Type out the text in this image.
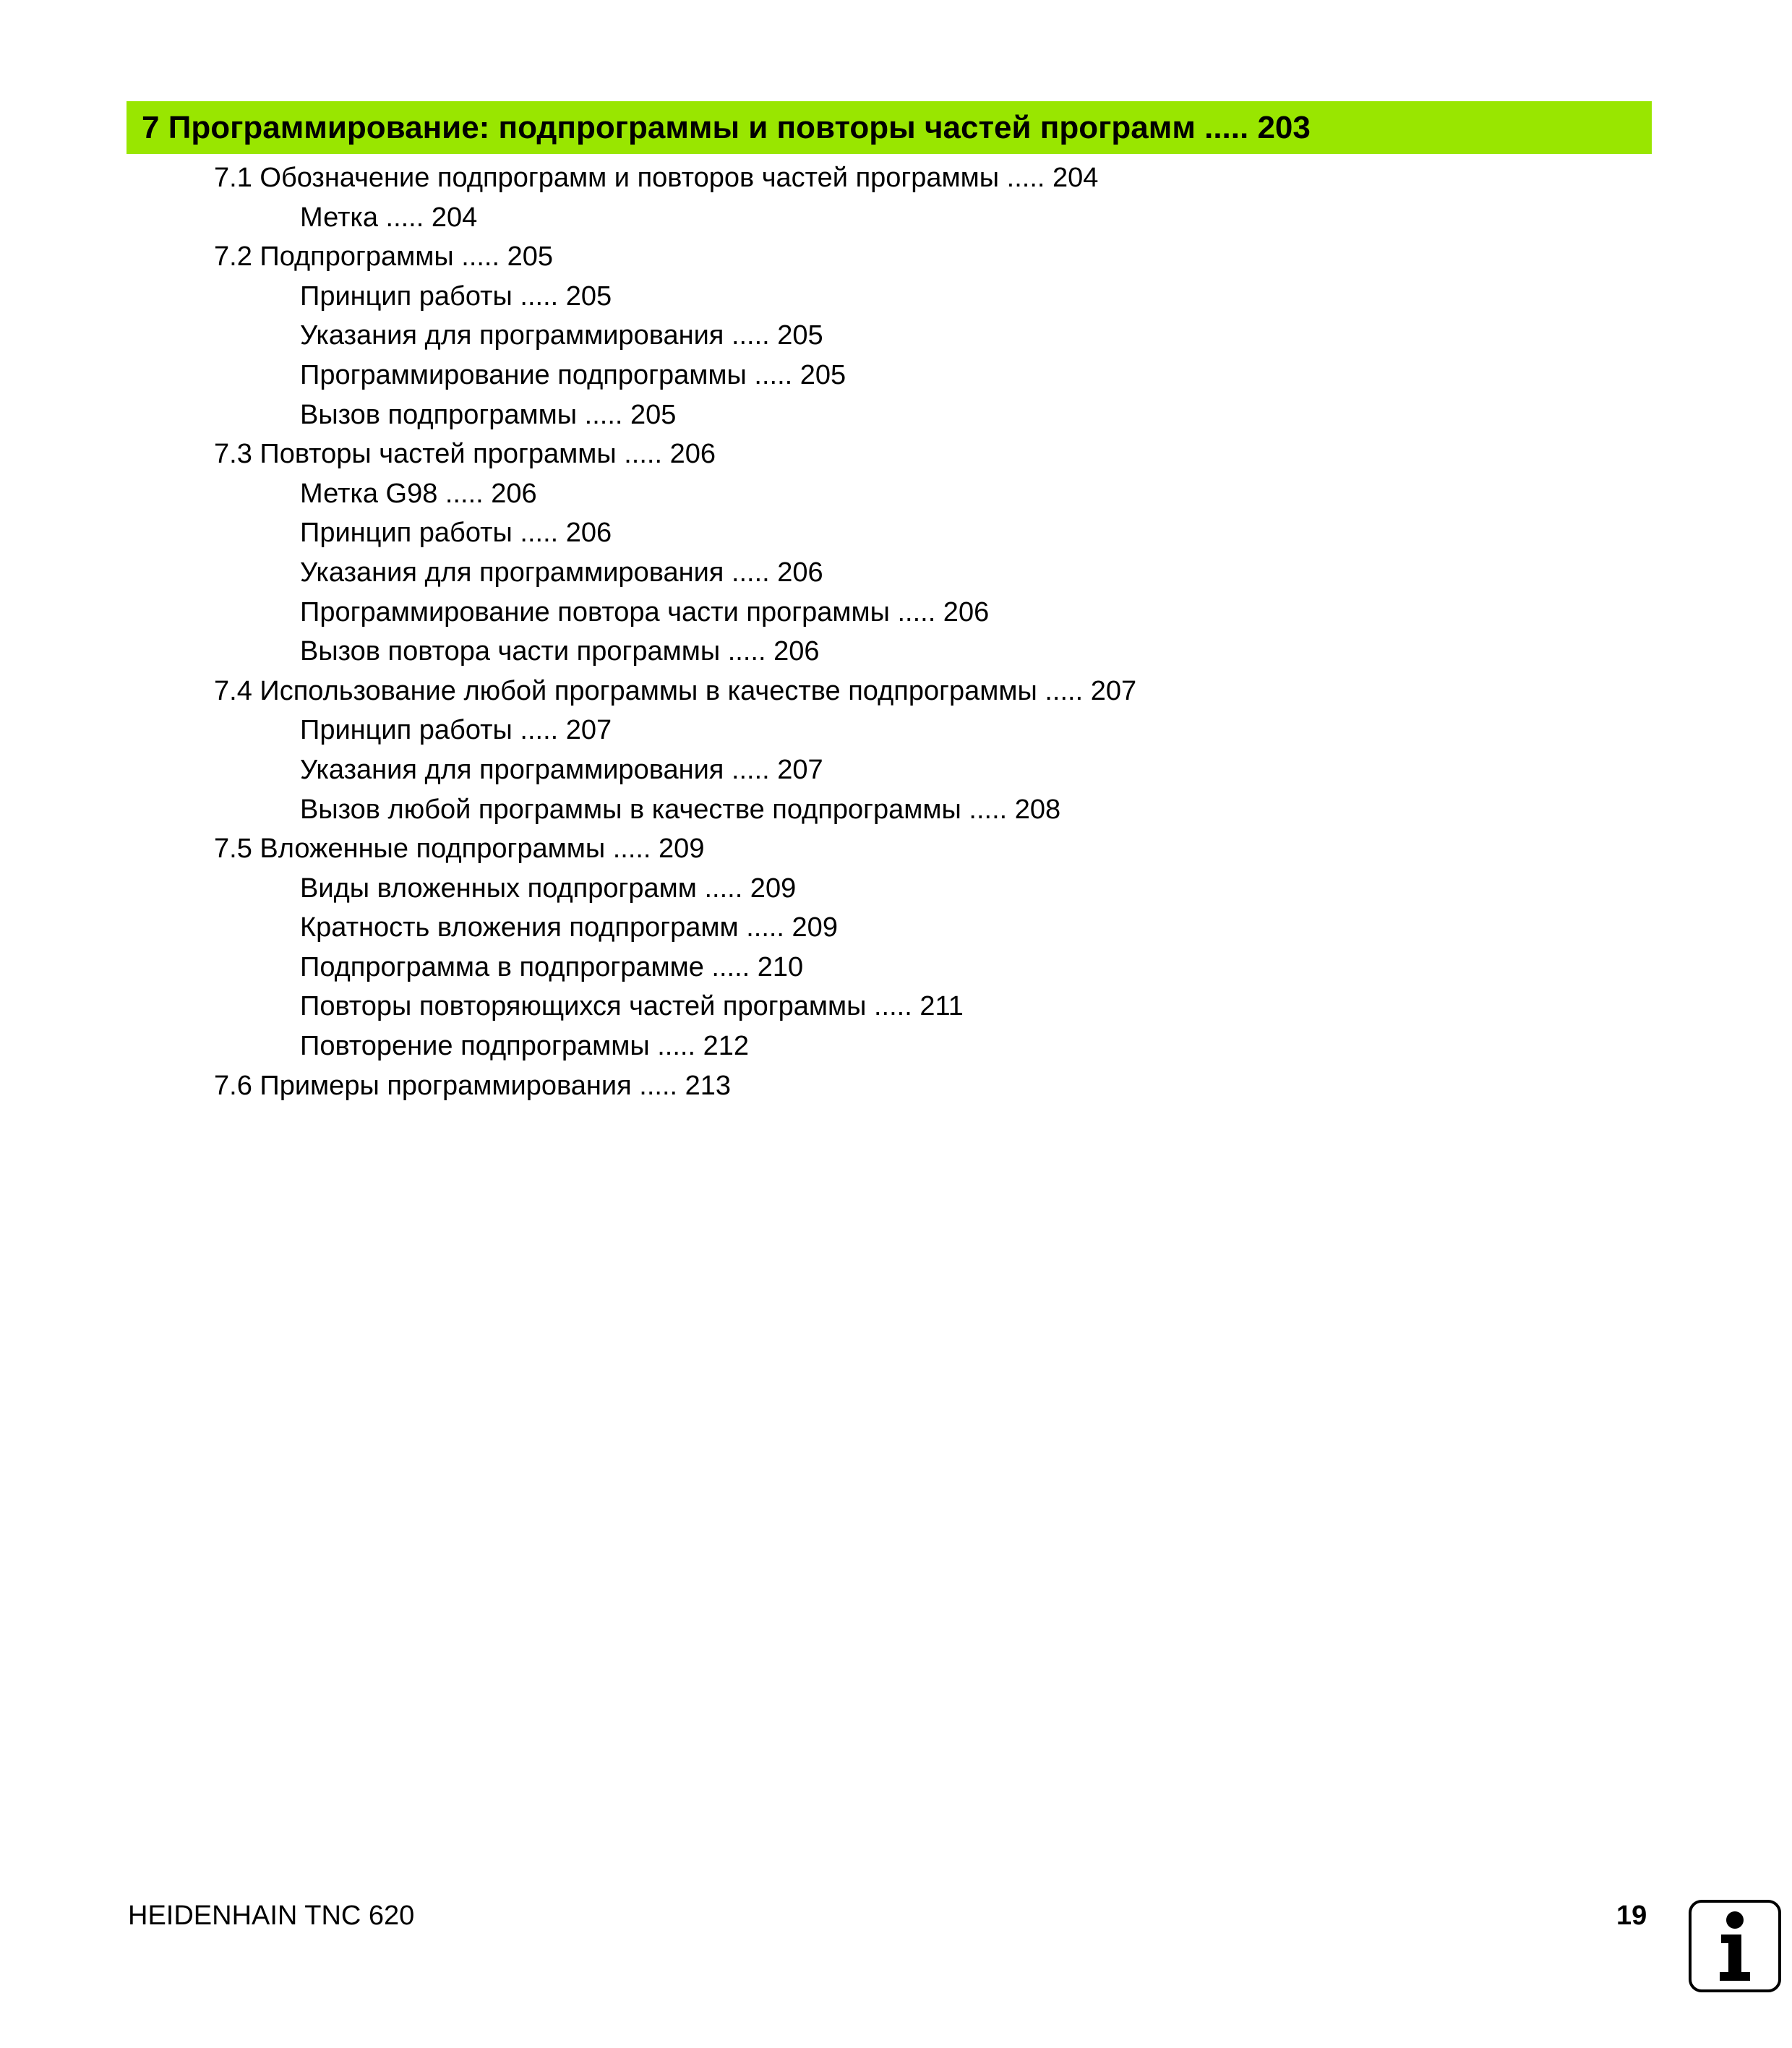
7 Программирование: подпрограммы и повторы частей программ ..... 203
7.1 Обозначение подпрограмм и повторов частей программы ..... 204
Метка ..... 204
7.2 Подпрограммы ..... 205
Принцип работы ..... 205
Указания для программирования ..... 205
Программирование подпрограммы ..... 205
Вызов подпрограммы ..... 205
7.3 Повторы частей программы ..... 206
Метка G98 ..... 206
Принцип работы ..... 206
Указания для программирования ..... 206
Программирование повтора части программы ..... 206
Вызов повтора части программы ..... 206
7.4 Использование любой программы в качестве подпрограммы ..... 207
Принцип работы ..... 207
Указания для программирования ..... 207
Вызов любой программы в качестве подпрограммы ..... 208
7.5 Вложенные подпрограммы ..... 209
Виды вложенных подпрограмм ..... 209
Кратность вложения подпрограмм ..... 209
Подпрограмма в подпрограмме ..... 210
Повторы повторяющихся частей программы ..... 211
Повторение подпрограммы ..... 212
7.6 Примеры программирования ..... 213
HEIDENHAIN TNC 620	19
